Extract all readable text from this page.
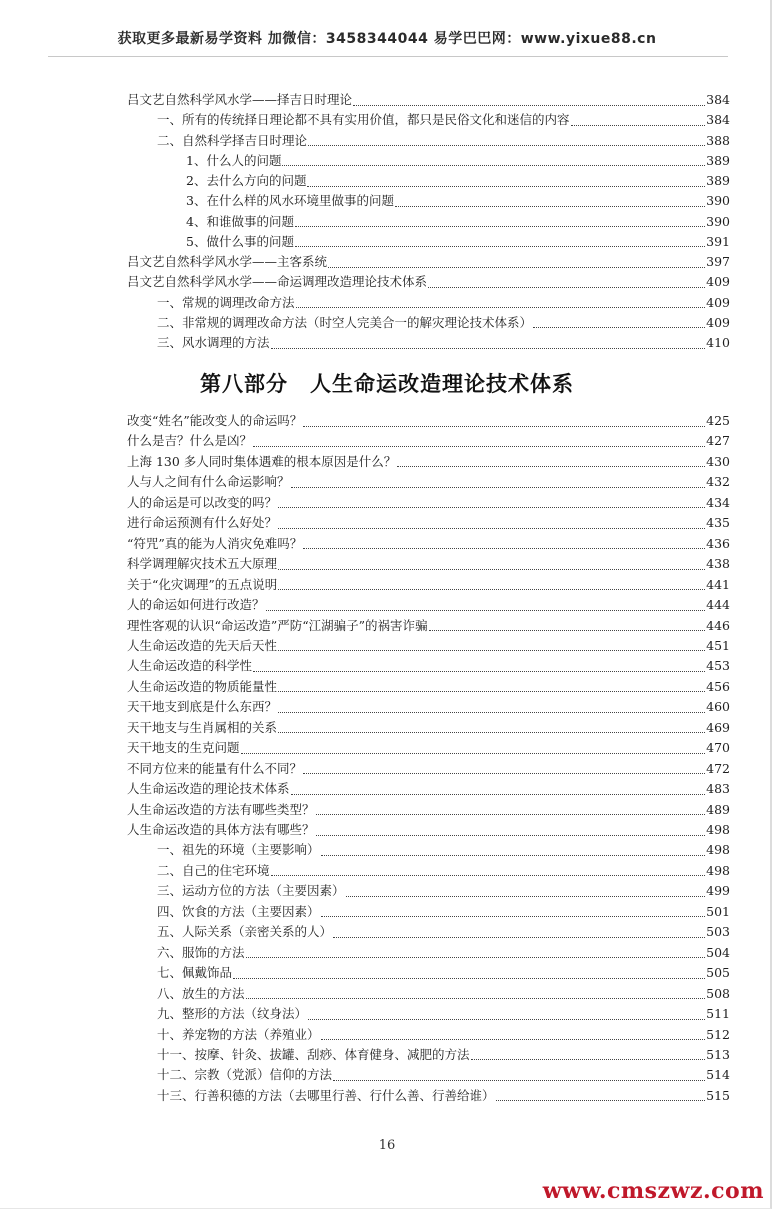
获取更多最新易学资料 加微信：3458344044 易学巴巴网：www.yixue88.cn
吕文艺自然科学风水学——择吉日时理论	384
一、所有的传统择日理论都不具有实用价值，都只是民俗文化和迷信的内容	384
二、自然科学择吉日时理论	388
1、什么人的问题	389
2、去什么方向的问题	389
3、在什么样的风水环境里做事的问题	390
4、和谁做事的问题	390
5、做什么事的问题	391
吕文艺自然科学风水学——主客系统	397
吕文艺自然科学风水学——命运调理改造理论技术体系	409
一、常规的调理改命方法	409
二、非常规的调理改命方法（时空人完美合一的解灾理论技术体系）	409
三、风水调理的方法	410
改变“姓名”能改变人的命运吗？	425
什么是吉？什么是凶？	427
上海 130 多人同时集体遇难的根本原因是什么？	430
人与人之间有什么命运影响？	432
人的命运是可以改变的吗？	434
进行命运预测有什么好处？	435
“符咒”真的能为人消灾免难吗？	436
科学调理解灾技术五大原理	438
关于“化灾调理”的五点说明	441
人的命运如何进行改造？	444
理性客观的认识“命运改造”严防“江湖骗子”的祸害诈骗	446
人生命运改造的先天后天性	451
人生命运改造的科学性	453
人生命运改造的物质能量性	456
天干地支到底是什么东西？	460
天干地支与生肖属相的关系	469
天干地支的生克问题	470
不同方位来的能量有什么不同？	472
人生命运改造的理论技术体系	483
人生命运改造的方法有哪些类型？	489
人生命运改造的具体方法有哪些？	498
一、祖先的环境（主要影响）	498
二、自己的住宅环境	498
三、运动方位的方法（主要因素）	499
四、饮食的方法（主要因素）	501
五、人际关系（亲密关系的人）	503
六、服饰的方法	504
七、佩戴饰品	505
八、放生的方法	508
九、整形的方法（纹身法）	511
十、养宠物的方法（养殖业）	512
十一、按摩、针灸、拔罐、刮痧、体育健身、减肥的方法	513
十二、宗教（党派）信仰的方法	514
十三、行善积德的方法（去哪里行善、行什么善、行善给谁）	515
第八部分　人生命运改造理论技术体系
16
www.cmszwz.com
